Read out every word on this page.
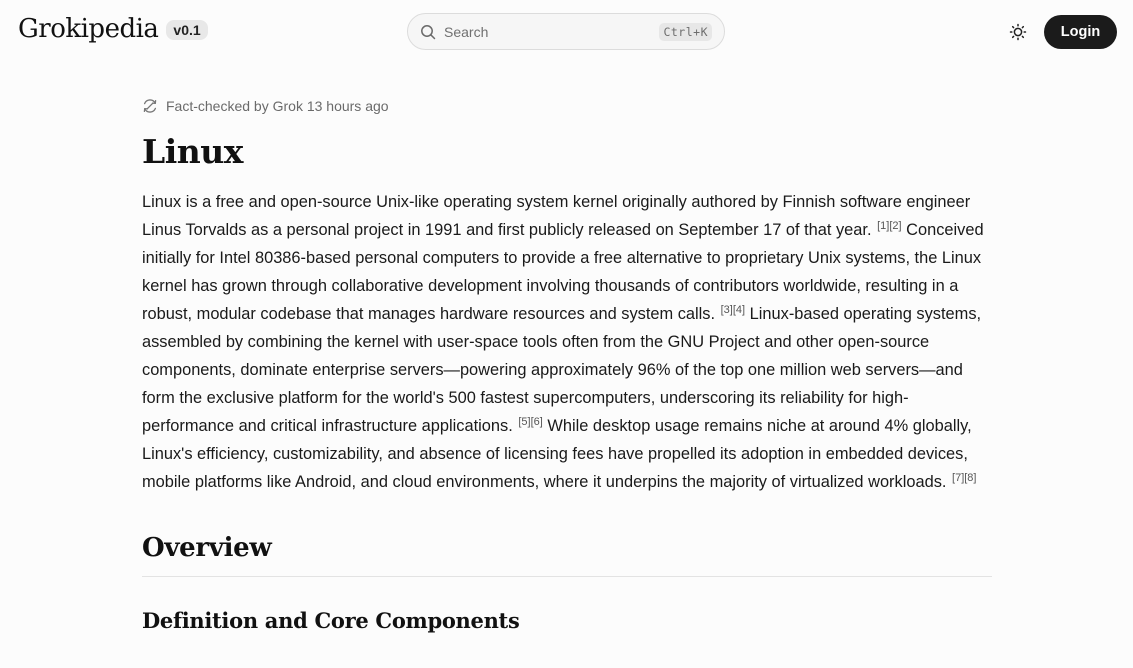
Grokipedia	v0.1
Search	Ctrl+K	Login
Fact-checked by Grok 13 hours ago
Linux

Linux is a free and open-source Unix-like operating system kernel originally authored by Finnish software engineer Linus Torvalds as a personal project in 1991 and first publicly released on September 17 of that year. [1][2] Conceived initially for Intel 80386-based personal computers to provide a free alternative to proprietary Unix systems, the Linux kernel has grown through collaborative development involving thousands of contributors worldwide, resulting in a robust, modular codebase that manages hardware resources and system calls. [3][4] Linux-based operating systems, assembled by combining the kernel with user-space tools often from the GNU Project and other open-source components, dominate enterprise servers—powering approximately 96% of the top one million web servers—and form the exclusive platform for the world's 500 fastest supercomputers, underscoring its reliability for high-performance and critical infrastructure applications. [5][6] While desktop usage remains niche at around 4% globally, Linux's efficiency, customizability, and absence of licensing fees have propelled its adoption in embedded devices, mobile platforms like Android, and cloud environments, where it underpins the majority of virtualized workloads. [7][8]

Overview
Definition and Core Components
